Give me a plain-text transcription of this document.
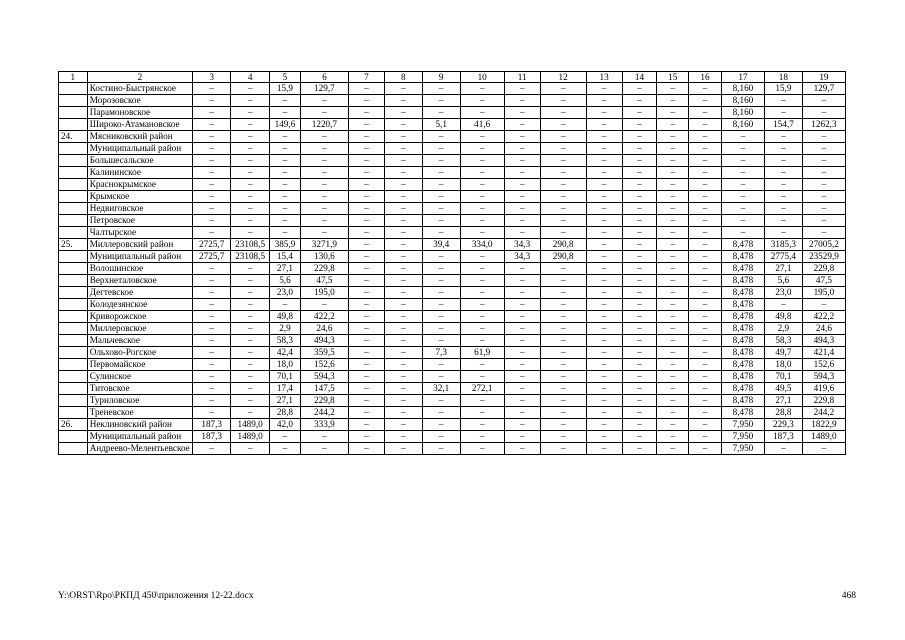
1	2	3	4	5	6	7	8	9	10	11	12	13	14	15	16	17	18	19
	Костино-Быстрянское	–	–	15,9	129,7	–	–	–	–	–	–	–	–	–	–	8,160	15,9	129,7
	Морозовское	–	–	–	–	–	–	–	–	–	–	–	–	–	–	8,160	–	–
	Парамоновское	–	–	–	–	–	–	–	–	–	–	–	–	–	–	8,160	–	–
	Широко-Атамановское	–	–	149,6	1220,7	–	–	5,1	41,6	–	–	–	–	–	–	8,160	154,7	1262,3
24.	Мясниковский район	–	–	–	–	–	–	–	–	–	–	–	–	–	–	–	–	–
	Муниципальный район	–	–	–	–	–	–	–	–	–	–	–	–	–	–	–	–	–
	Большесальское	–	–	–	–	–	–	–	–	–	–	–	–	–	–	–	–	–
	Калининское	–	–	–	–	–	–	–	–	–	–	–	–	–	–	–	–	–
	Краснокрымское	–	–	–	–	–	–	–	–	–	–	–	–	–	–	–	–	–
	Крымское	–	–	–	–	–	–	–	–	–	–	–	–	–	–	–	–	–
	Недвиговское	–	–	–	–	–	–	–	–	–	–	–	–	–	–	–	–	–
	Петровское	–	–	–	–	–	–	–	–	–	–	–	–	–	–	–	–	–
	Чалтырское	–	–	–	–	–	–	–	–	–	–	–	–	–	–	–	–	–
25.	Миллеровский район	2725,7	23108,5	385,9	3271,9	–	–	39,4	334,0	34,3	290,8	–	–	–	–	8,478	3185,3	27005,2
	Муниципальный район	2725,7	23108,5	15,4	130,6	–	–	–	–	34,3	290,8	–	–	–	–	8,478	2775,4	23529,9
	Волошинское	–	–	27,1	229,8	–	–	–	–	–	–	–	–	–	–	8,478	27,1	229,8
	Верхнеталовское	–	–	5,6	47,5	–	–	–	–	–	–	–	–	–	–	8,478	5,6	47,5
	Дегтевское	–	–	23,0	195,0	–	–	–	–	–	–	–	–	–	–	8,478	23,0	195,0
	Колодезянское	–	–	–	–	–	–	–	–	–	–	–	–	–	–	8,478	–	–
	Криворожское	–	–	49,8	422,2	–	–	–	–	–	–	–	–	–	–	8,478	49,8	422,2
	Миллеровское	–	–	2,9	24,6	–	–	–	–	–	–	–	–	–	–	8,478	2,9	24,6
	Мальчевское	–	–	58,3	494,3	–	–	–	–	–	–	–	–	–	–	8,478	58,3	494,3
	Ольховo-Рогское	–	–	42,4	359,5	–	–	7,3	61,9	–	–	–	–	–	–	8,478	49,7	421,4
	Первомайское	–	–	18,0	152,6	–	–	–	–	–	–	–	–	–	–	8,478	18,0	152,6
	Сулинское	–	–	70,1	594,3	–	–	–	–	–	–	–	–	–	–	8,478	70,1	594,3
	Титовское	–	–	17,4	147,5	–	–	32,1	272,1	–	–	–	–	–	–	8,478	49,5	419,6
	Туриловское	–	–	27,1	229,8	–	–	–	–	–	–	–	–	–	–	8,478	27,1	229,8
	Треневское	–	–	28,8	244,2	–	–	–	–	–	–	–	–	–	–	8,478	28,8	244,2
26.	Неклиновский район	187,3	1489,0	42,0	333,9	–	–	–	–	–	–	–	–	–	–	7,950	229,3	1822,9
	Муниципальный район	187,3	1489,0	–	–	–	–	–	–	–	–	–	–	–	–	7,950	187,3	1489,0
	Андреево-Мелентьевское	–	–	–	–	–	–	–	–	–	–	–	–	–	–	7,950	–	–
Y:\ORST\Rpo\РКПД 450\приложения 12-22.docx	468
